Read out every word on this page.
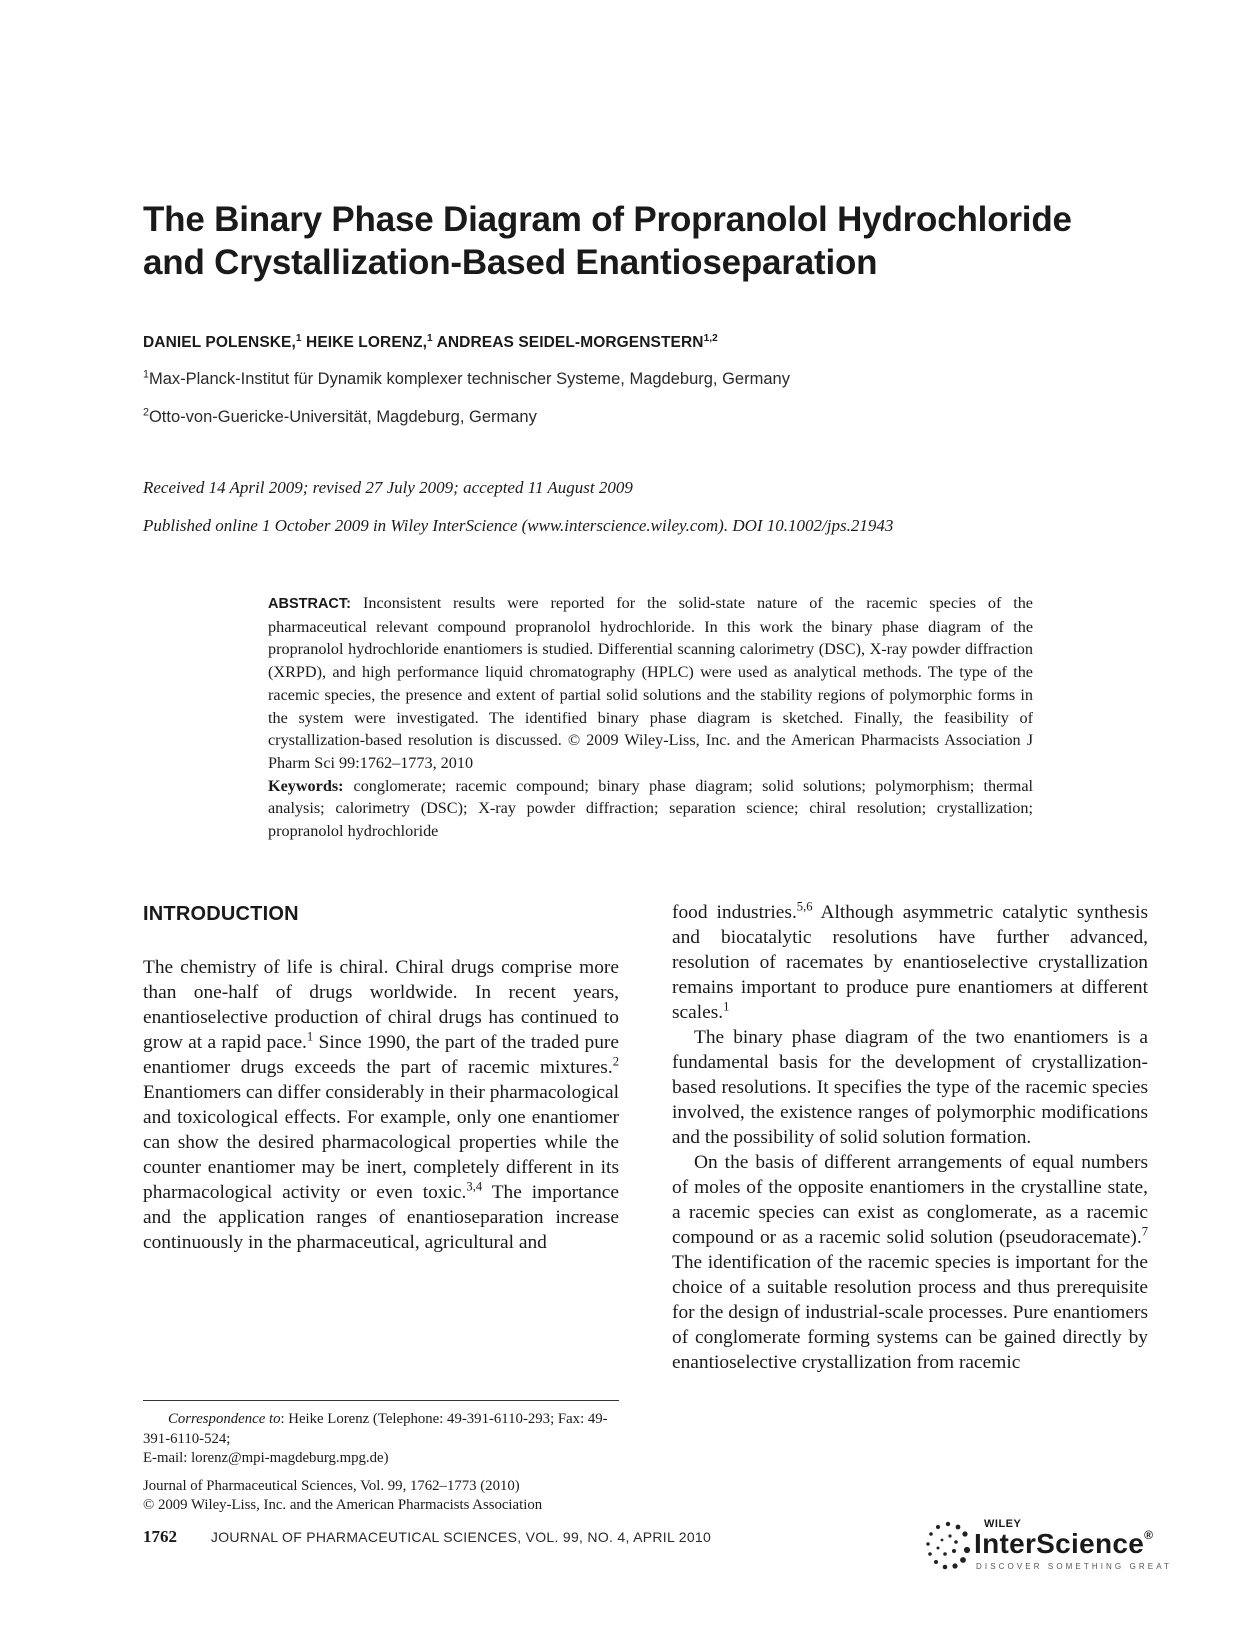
The Binary Phase Diagram of Propranolol Hydrochloride and Crystallization-Based Enantioseparation

DANIEL POLENSKE,$^1$ HEIKE LORENZ,$^1$ ANDREAS SEIDEL-MORGENSTERN$^{1,2}$

$^1$Max-Planck-Institut für Dynamik komplexer technischer Systeme, Magdeburg, Germany

$^2$Otto-von-Guericke-Universität, Magdeburg, Germany

Received 14 April 2009; revised 27 July 2009; accepted 11 August 2009

Published online 1 October 2009 in Wiley InterScience (www.interscience.wiley.com). DOI 10.1002/jps.21943

ABSTRACT: Inconsistent results were reported for the solid-state nature of the racemic species of the pharmaceutical relevant compound propranolol hydrochloride. In this work the binary phase diagram of the propranolol hydrochloride enantiomers is studied. Differential scanning calorimetry (DSC), X-ray powder diffraction (XRPD), and high performance liquid chromatography (HPLC) were used as analytical methods. The type of the racemic species, the presence and extent of partial solid solutions and the stability regions of polymorphic forms in the system were investigated. The identified binary phase diagram is sketched. Finally, the feasibility of crystallization-based resolution is discussed. © 2009 Wiley-Liss, Inc. and the American Pharmacists Association J Pharm Sci 99:1762–1773, 2010

Keywords: conglomerate; racemic compound; binary phase diagram; solid solutions; polymorphism; thermal analysis; calorimetry (DSC); X-ray powder diffraction; separation science; chiral resolution; crystallization; propranolol hydrochloride

INTRODUCTION

The chemistry of life is chiral. Chiral drugs comprise more than one-half of drugs worldwide. In recent years, enantioselective production of chiral drugs has continued to grow at a rapid pace.$^1$ Since 1990, the part of the traded pure enantiomer drugs exceeds the part of racemic mixtures.$^2$ Enantiomers can differ considerably in their pharmacological and toxicological effects. For example, only one enantiomer can show the desired pharmacological properties while the counter enantiomer may be inert, completely different in its pharmacological activity or even toxic.$^{3,4}$ The importance and the application ranges of enantioseparation increase continuously in the pharmaceutical, agricultural and

food industries.$^{5,6}$ Although asymmetric catalytic synthesis and biocatalytic resolutions have further advanced, resolution of racemates by enantioselective crystallization remains important to produce pure enantiomers at different scales.$^1$

The binary phase diagram of the two enantiomers is a fundamental basis for the development of crystallization-based resolutions. It specifies the type of the racemic species involved, the existence ranges of polymorphic modifications and the possibility of solid solution formation.

On the basis of different arrangements of equal numbers of moles of the opposite enantiomers in the crystalline state, a racemic species can exist as conglomerate, as a racemic compound or as a racemic solid solution (pseudoracemate).$^7$ The identification of the racemic species is important for the choice of a suitable resolution process and thus prerequisite for the design of industrial-scale processes. Pure enantiomers of conglomerate forming systems can be gained directly by enantioselective crystallization from racemic

Correspondence to: Heike Lorenz (Telephone: 49-391-6110-293; Fax: 49-391-6110-524;

E-mail: lorenz@mpi-magdeburg.mpg.de)

Journal of Pharmaceutical Sciences, Vol. 99, 1762–1773 (2010)

© 2009 Wiley-Liss, Inc. and the American Pharmacists Association

1762 JOURNAL OF PHARMACEUTICAL SCIENCES, VOL. 99, NO. 4, APRIL 2010
WILEY
InterScience®
DISCOVER SOMETHING GREAT
